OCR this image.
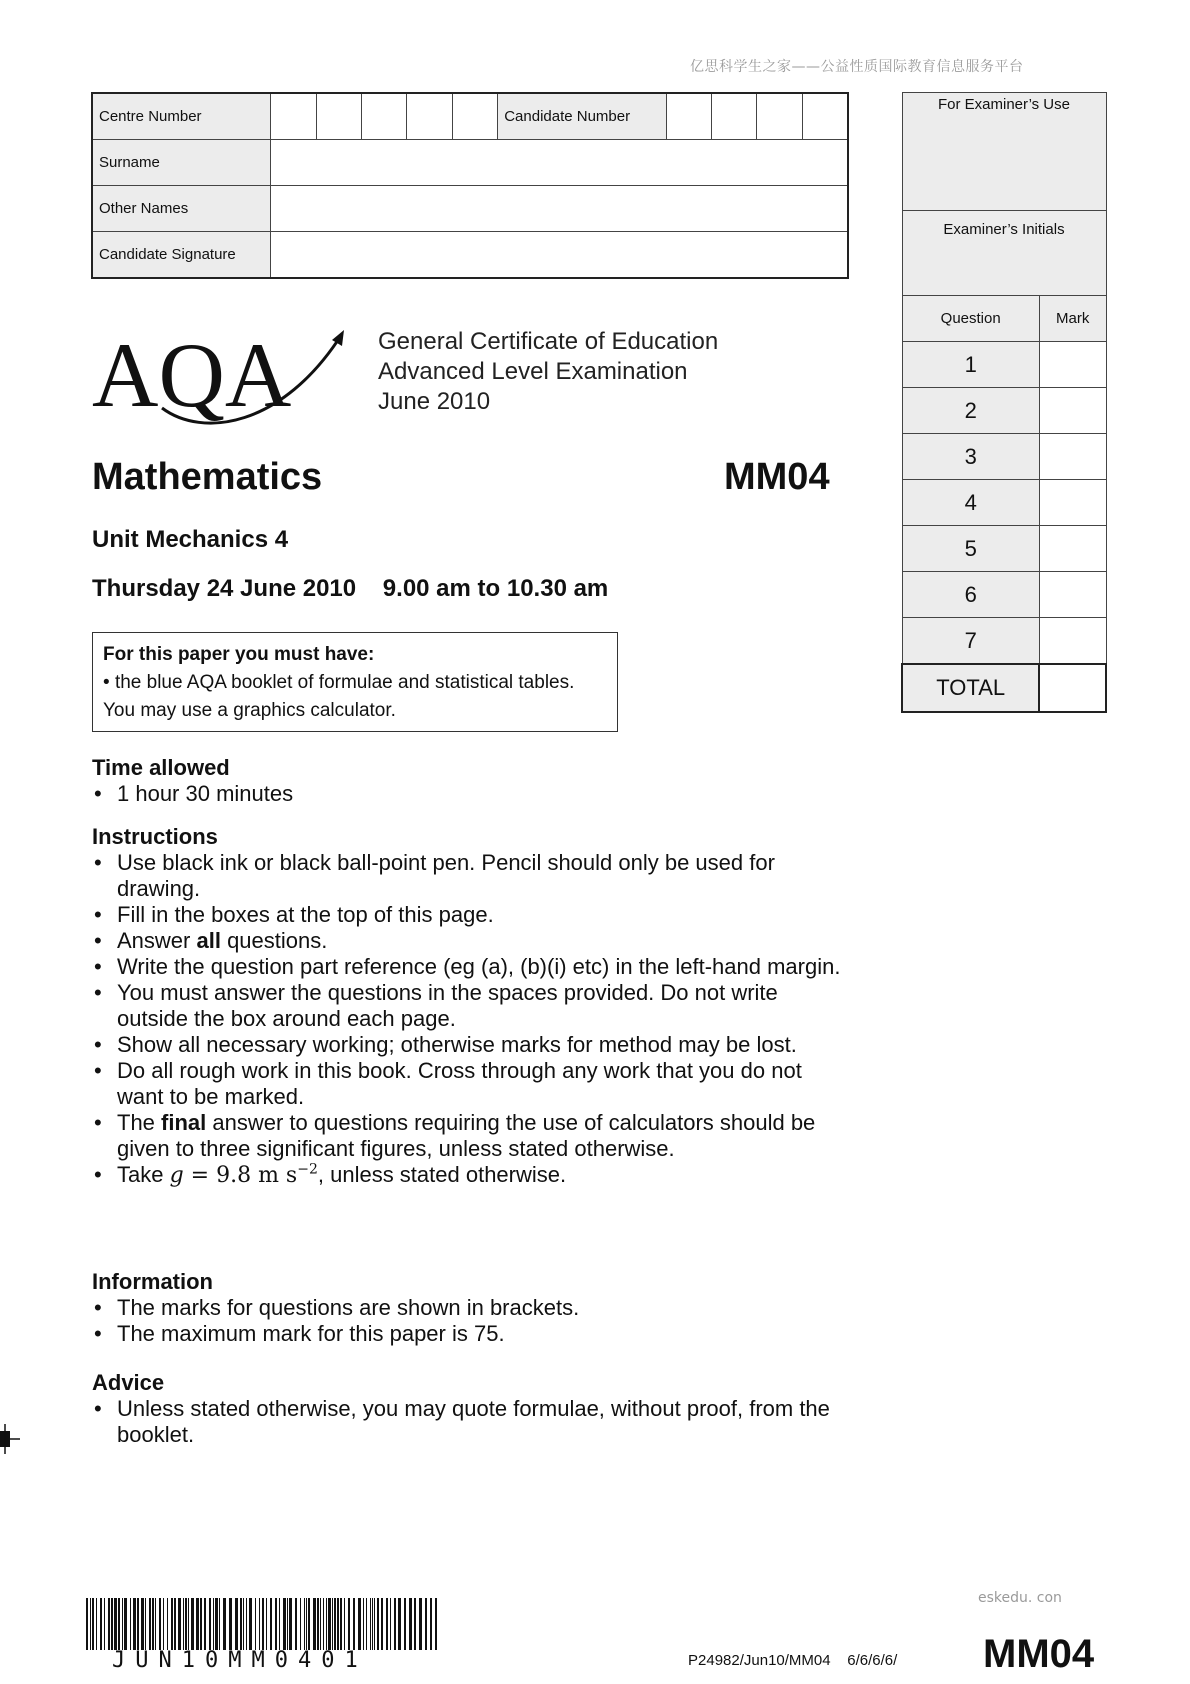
亿思科学生之家——公益性质国际教育信息服务平台
Centre Number						Candidate Number				
Surname										
Other Names										
Candidate Signature										
For Examiner’s Use	
Examiner’s Initials	
Question	Mark
1	
2	
3	
4	
5	
6	
7	
TOTAL	
AQA	General Certificate of Education
Advanced Level Examination
June 2010
Mathematics	MM04
Unit Mechanics 4
Thursday 24 June 2010    9.00 am to 10.30 am
For this paper you must have:
• the blue AQA booklet of formulae and statistical tables.
You may use a graphics calculator.
Time allowed
• 1 hour 30 minutes
Instructions
• Use black ink or black ball-point pen. Pencil should only be used for drawing.
• Fill in the boxes at the top of this page.
• Answer all questions.
• Write the question part reference (eg (a), (b)(i) etc) in the left-hand margin.
• You must answer the questions in the spaces provided. Do not write outside the box around each page.
• Show all necessary working; otherwise marks for method may be lost.
• Do all rough work in this book. Cross through any work that you do not want to be marked.
• The final answer to questions requiring the use of calculators should be given to three significant figures, unless stated otherwise.
• Take g = 9.8 m $s^{-2}$, unless stated otherwise.
Information
• The marks for questions are shown in brackets.
• The maximum mark for this paper is 75.
Advice
• Unless stated otherwise, you may quote formulae, without proof, from the booklet.
eskedu. con
JUN10MM0401	P24982/Jun10/MM04    6/6/6/6/ MM04
